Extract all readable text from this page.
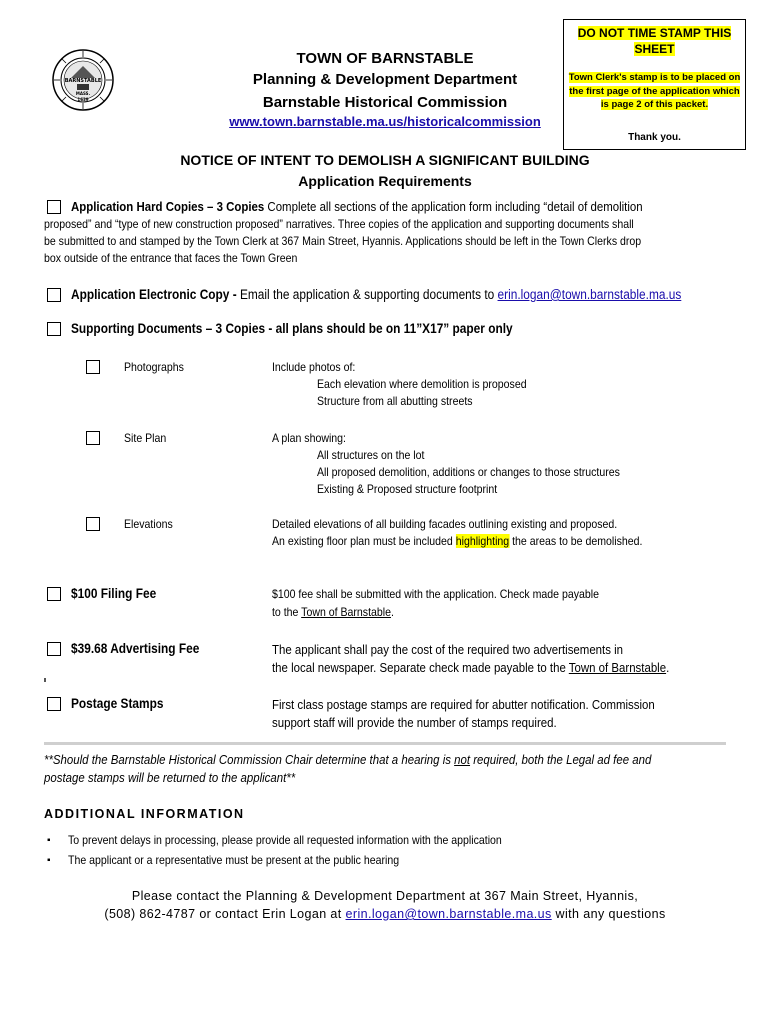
BARNSTABLE
MASS.
1639
TOWN OF BARNSTABLE
Planning & Development Department
Barnstable Historical Commission
www.town.barnstable.ma.us/historicalcommission
DO NOT TIME STAMP THIS SHEET
Town Clerk's stamp is to be placed on the first page of the application which is page 2 of this packet.
Thank you.
NOTICE OF INTENT TO DEMOLISH A SIGNIFICANT BUILDING
Application Requirements
Application Hard Copies – 3 Copies Complete all sections of the application form including “detail of demolition
proposed” and “type of new construction proposed” narratives. Three copies of the application and supporting documents shall
be submitted to and stamped by the Town Clerk at 367 Main Street, Hyannis. Applications should be left in the Town Clerks drop
box outside of the entrance that faces the Town Green
Application Electronic Copy - Email the application & supporting documents to erin.logan@town.barnstable.ma.us
Supporting Documents – 3 Copies - all plans should be on 11”X17” paper only
Photographs	Include photos of:
Each elevation where demolition is proposed
Structure from all abutting streets
Site Plan	A plan showing:
All structures on the lot
All proposed demolition, additions or changes to those structures
Existing & Proposed structure footprint
Elevations	Detailed elevations of all building facades outlining existing and proposed.
An existing floor plan must be included highlighting the areas to be demolished.
$100 Filing Fee	$100 fee shall be submitted with the application. Check made payable
to the Town of Barnstable.
$39.68 Advertising Fee	The applicant shall pay the cost of the required two advertisements in
the local newspaper. Separate check made payable to the Town of Barnstable.
Postage Stamps	First class postage stamps are required for abutter notification. Commission
support staff will provide the number of stamps required.
**Should the Barnstable Historical Commission Chair determine that a hearing is not required, both the Legal ad fee and
postage stamps will be returned to the applicant**
ADDITIONAL INFORMATION
▪ To prevent delays in processing, please provide all requested information with the application
▪ The applicant or a representative must be present at the public hearing
Please contact the Planning & Development Department at 367 Main Street, Hyannis,
(508) 862-4787 or contact Erin Logan at erin.logan@town.barnstable.ma.us with any questions
